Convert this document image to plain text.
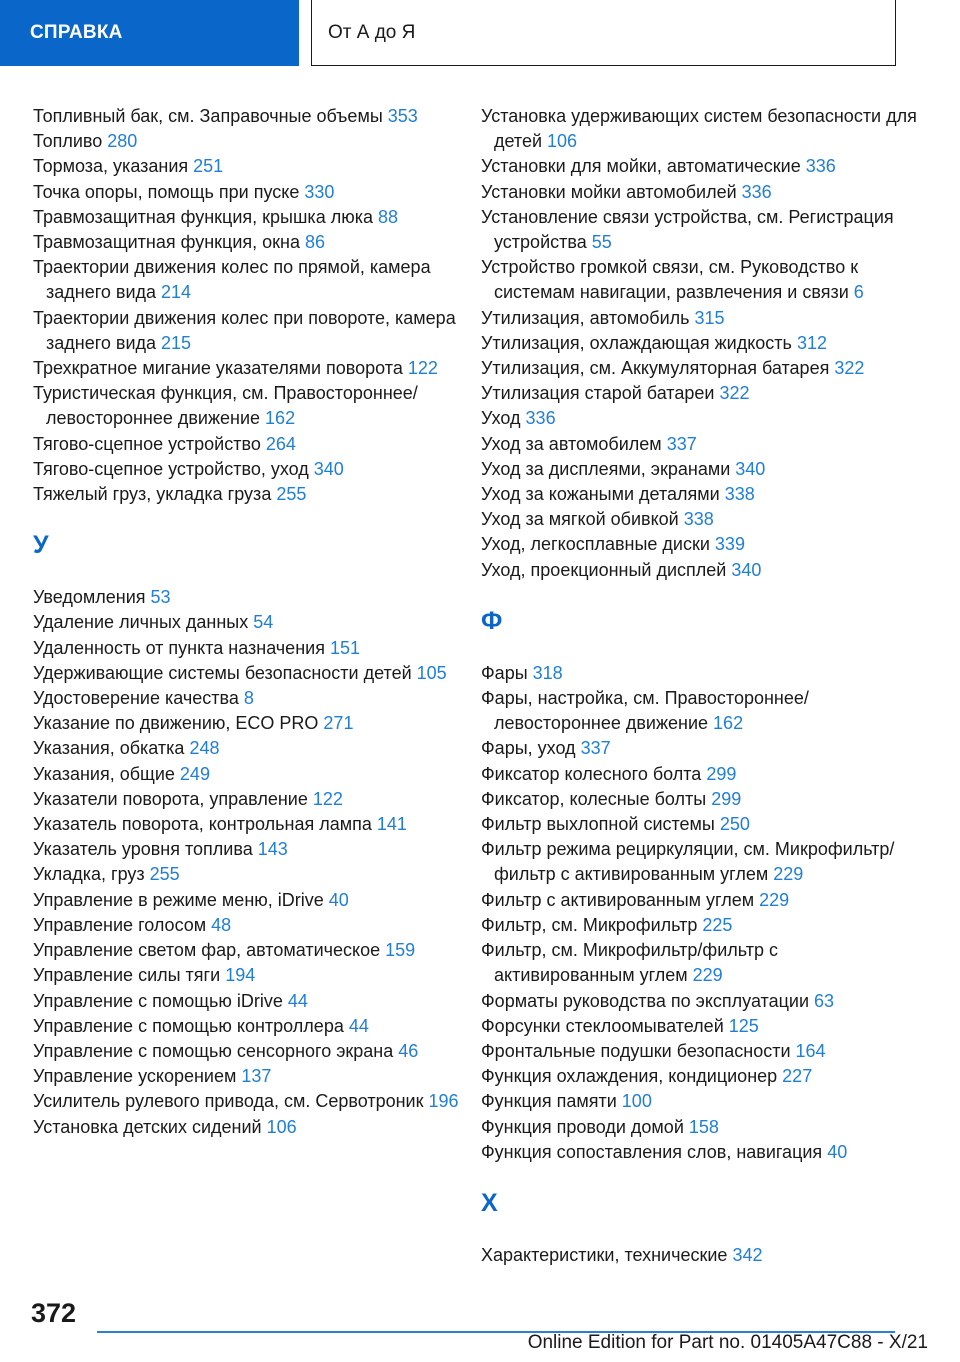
СПРАВКА	От А до Я
Топливный бак, см. Заправочные объемы 353
Топливо 280
Тормоза, указания 251
Точка опоры, помощь при пуске 330
Травмозащитная функция, крышка люка 88
Травмозащитная функция, окна 86
Траектории движения колес по прямой, камера заднего вида 214
Траектории движения колес при повороте, камера заднего вида 215
Трехкратное мигание указателями поворота 122
Туристическая функция, см. Правостороннее/левостороннее движение 162
Тягово-сцепное устройство 264
Тягово-сцепное устройство, уход 340
Тяжелый груз, укладка груза 255
У
Уведомления 53
Удаление личных данных 54
Удаленность от пункта назначения 151
Удерживающие системы безопасности детей 105
Удостоверение качества 8
Указание по движению, ECO PRO 271
Указания, обкатка 248
Указания, общие 249
Указатели поворота, управление 122
Указатель поворота, контрольная лампа 141
Указатель уровня топлива 143
Укладка, груз 255
Управление в режиме меню, iDrive 40
Управление голосом 48
Управление светом фар, автоматическое 159
Управление силы тяги 194
Управление с помощью iDrive 44
Управление с помощью контроллера 44
Управление с помощью сенсорного экрана 46
Управление ускорением 137
Усилитель рулевого привода, см. Сервотроник 196
Установка детских сидений 106
Установка удерживающих систем безопасности для детей 106
Установки для мойки, автоматические 336
Установки мойки автомобилей 336
Установление связи устройства, см. Регистрация устройства 55
Устройство громкой связи, см. Руководство к системам навигации, развлечения и связи 6
Утилизация, автомобиль 315
Утилизация, охлаждающая жидкость 312
Утилизация, см. Аккумуляторная батарея 322
Утилизация старой батареи 322
Уход 336
Уход за автомобилем 337
Уход за дисплеями, экранами 340
Уход за кожаными деталями 338
Уход за мягкой обивкой 338
Уход, легкосплавные диски 339
Уход, проекционный дисплей 340
Ф
Фары 318
Фары, настройка, см. Правостороннее/левостороннее движение 162
Фары, уход 337
Фиксатор колесного болта 299
Фиксатор, колесные болты 299
Фильтр выхлопной системы 250
Фильтр режима рециркуляции, см. Микрофильтр/фильтр с активированным углем 229
Фильтр с активированным углем 229
Фильтр, см. Микрофильтр 225
Фильтр, см. Микрофильтр/фильтр с активированным углем 229
Форматы руководства по эксплуатации 63
Форсунки стеклоомывателей 125
Фронтальные подушки безопасности 164
Функция охлаждения, кондиционер 227
Функция памяти 100
Функция проводи домой 158
Функция сопоставления слов, навигация 40
Х
Характеристики, технические 342
372
Online Edition for Part no. 01405A47C88 - X/21
